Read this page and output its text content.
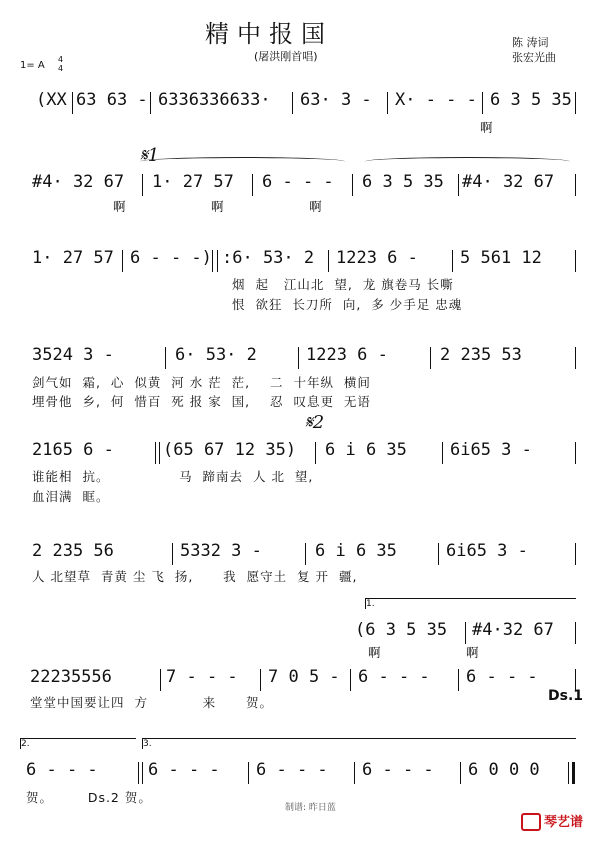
精中报国
(屠洪刚首唱)
1= A
4
4
陈 涛词
张宏光曲
(XX 63 63 - 6336336633· 63· 3 - X· - - - 6 3 5 35
啊
𝄋1
#4· 32 67 1· 27 57 6 - - - 6 3 5 35 #4· 32 67
啊                 啊                 啊
1· 27 57 6 - - -) :6· 53· 2 1223 6 - 5 561 12
烟  起   江山北  望,  龙 旗卷马 长嘶
恨  欲狂  长刀所  向,  多 少手足 忠魂
3524 3 -	6· 53· 2	1223 6 -	2 235 53
剑气如  霜,  心  似黄  河 水 茫  茫,    二  十年纵  横间
埋骨他  乡,  何  惜百  死 报 家  国,    忍  叹息更  无语
𝄋2
2165 6 -	(65 67 12 35) 6 i 6 35	6i65 3 -
谁能相  抗。              马  蹄南去  人 北  望,
血泪满  眶。
2 235 56	5332 3 -	6 i 6 35	6i65 3 -
人 北望草  青黄 尘 飞  扬,      我  愿守土  复 开  疆,
1.
(6 3 5 35 #4·32 67
啊                 啊
22235556	7 - - - 7 0 5 - 6 - - - 6 - - -
堂堂中国要让四  方           来      贺。	Ds.1
2.	3.
6 - - -	6 - - - 6 - - - 6 - - - 6 0 0 0
贺。       Ds.2 贺。
制谱: 昨日蓝
琴艺谱
